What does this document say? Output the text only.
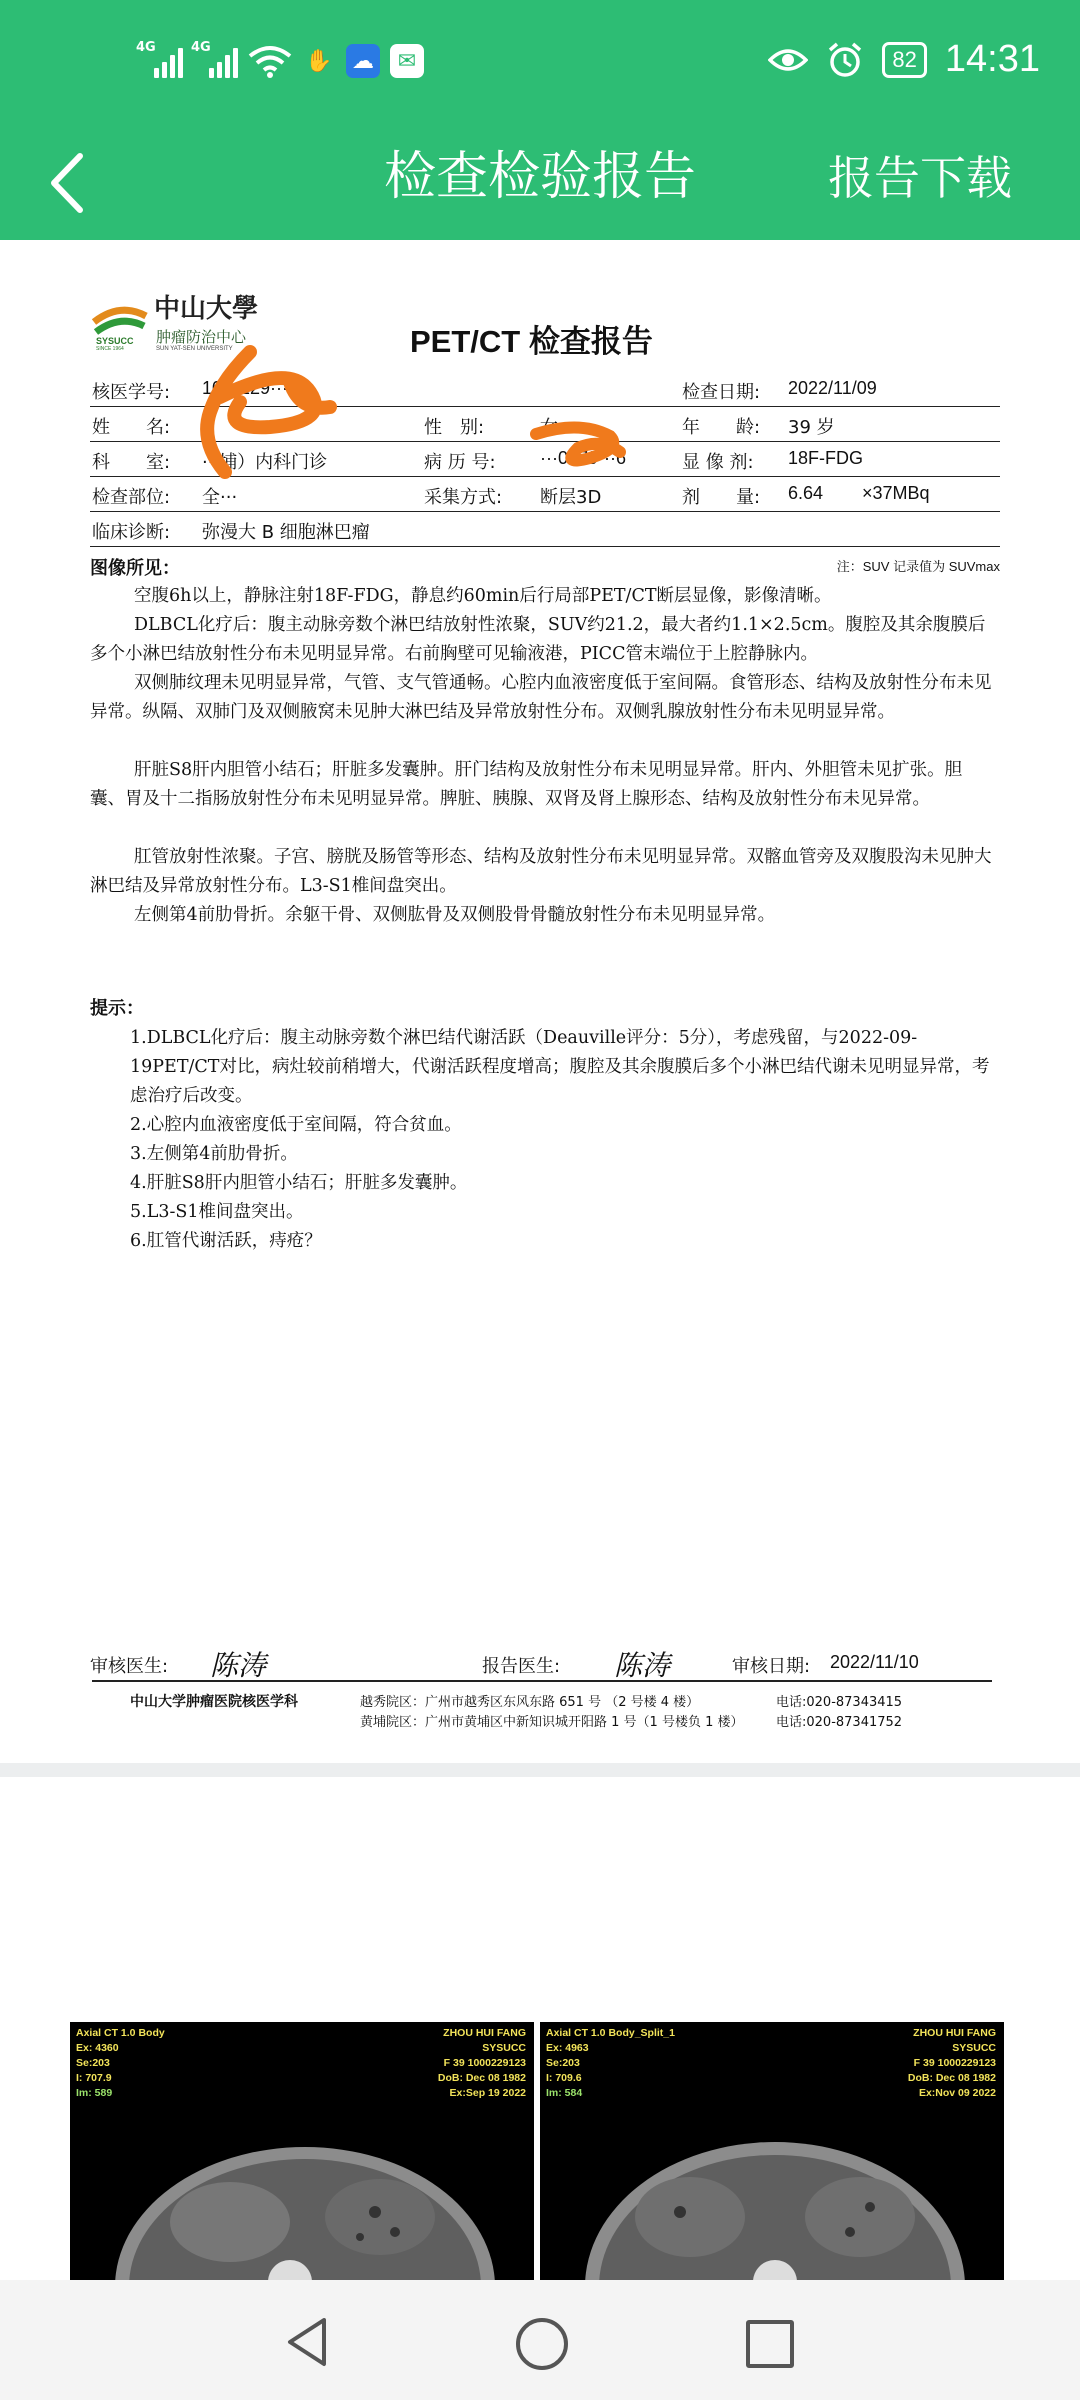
4G	4G
✋ ☁	✉	82 14:31
检查检验报告	报告下载
中山大學
肿瘤防治中心
SYSUCC
SINCE 1964	SUN YAT-SEN UNIVERSITY	PET/CT 检查报告
核医学号: 10···229···	检查日期: 2022/11/09
姓　　名:	性　别:	女	年　　龄: 39 岁
科　　室: ···埔）内科门诊	病 历 号: ···0579···6	显 像 剂: 18F-FDG
检查部位: 全···	采集方式: 断层3D	剂　　量: 6.64 ×37MBq
临床诊断: 弥漫大 B 细胞淋巴瘤
注：SUV 记录值为 SUVmax
图像所见：
空腹6h以上，静脉注射18F-FDG，静息约60min后行局部PET/CT断层显像，影像清晰。
DLBCL化疗后：腹主动脉旁数个淋巴结放射性浓聚，SUV约21.2，最大者约1.1×2.5cm。腹腔及其余腹膜后多个小淋巴结放射性分布未见明显异常。右前胸壁可见输液港，PICC管末端位于上腔静脉内。
双侧肺纹理未见明显异常，气管、支气管通畅。心腔内血液密度低于室间隔。食管形态、结构及放射性分布未见异常。纵隔、双肺门及双侧腋窝未见肿大淋巴结及异常放射性分布。双侧乳腺放射性分布未见明显异常。
肝脏S8肝内胆管小结石；肝脏多发囊肿。肝门结构及放射性分布未见明显异常。肝内、外胆管未见扩张。胆囊、胃及十二指肠放射性分布未见明显异常。脾脏、胰腺、双肾及肾上腺形态、结构及放射性分布未见异常。
肛管放射性浓聚。子宫、膀胱及肠管等形态、结构及放射性分布未见明显异常。双髂血管旁及双腹股沟未见肿大淋巴结及异常放射性分布。L3-S1椎间盘突出。
左侧第4前肋骨折。余躯干骨、双侧肱骨及双侧股骨骨髓放射性分布未见明显异常。
提示：
1.DLBCL化疗后：腹主动脉旁数个淋巴结代谢活跃（Deauville评分：5分），考虑残留，与2022-09-19PET/CT对比，病灶较前稍增大，代谢活跃程度增高；腹腔及其余腹膜后多个小淋巴结代谢未见明显异常，考虑治疗后改变。
2.心腔内血液密度低于室间隔，符合贫血。
3.左侧第4前肋骨折。
4.肝脏S8肝内胆管小结石；肝脏多发囊肿。
5.L3-S1椎间盘突出。
6.肛管代谢活跃，痔疮？
审核医生:	陈涛	报告医生: 陈涛	审核日期: 2022/11/10
中山大学肿瘤医院核医学科	越秀院区：广州市越秀区东风东路 651 号 （2 号楼 4 楼）
黄埔院区：广州市黄埔区中新知识城开阳路 1 号（1 号楼负 1 楼）
电话:020-87343415
电话:020-87341752
Axial CT 1.0 Body
Ex: 4360
Se:203
I: 707.9
Im: 589
ZHOU HUI FANG
SYSUCC
F 39 1000229123
DoB: Dec 08 1982
Ex:Sep 19 2022
Axial CT 1.0 Body_Split_1
Ex: 4963
Se:203
I: 709.6
Im: 584
ZHOU HUI FANG
SYSUCC
F 39 1000229123
DoB: Dec 08 1982
Ex:Nov 09 2022
